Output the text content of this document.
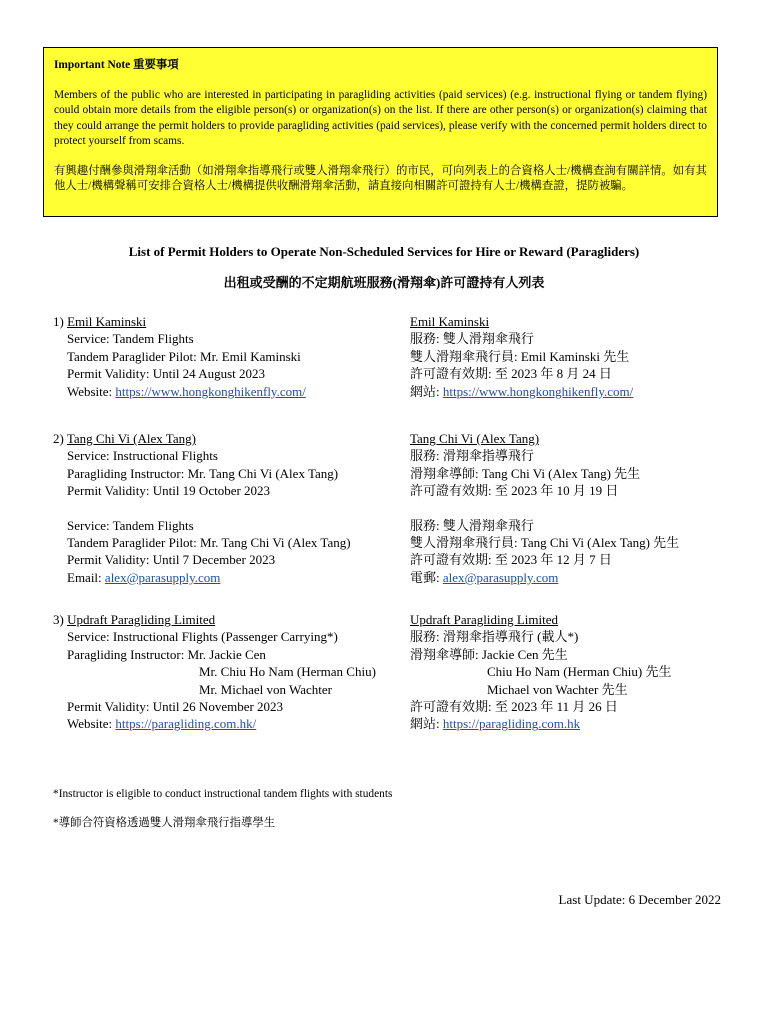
Important Note 重要事項

Members of the public who are interested in participating in paragliding activities (paid services) (e.g. instructional flying or tandem flying) could obtain more details from the eligible person(s) or organization(s) on the list. If there are other person(s) or organization(s) claiming that they could arrange the permit holders to provide paragliding activities (paid services), please verify with the concerned permit holders direct to protect yourself from scams.

有興趣付酬參與滑翔傘活動（如滑翔傘指導飛行或雙人滑翔傘飛行）的市民，可向列表上的合資格人士/機構查詢有關詳情。如有其他人士/機構聲稱可安排合資格人士/機構提供收酬滑翔傘活動，請直接向相關許可證持有人士/機構查證，提防被騙。

List of Permit Holders to Operate Non-Scheduled Services for Hire or Reward (Paragliders)
出租或受酬的不定期航班服務(滑翔傘)許可證持有人列表
1) Emil Kaminski
Service: Tandem Flights
Tandem Paraglider Pilot: Mr. Emil Kaminski
Permit Validity: Until 24 August 2023
Website: https://www.hongkonghikenfly.com/
Emil Kaminski
服務: 雙人滑翔傘飛行
雙人滑翔傘飛行員: Emil Kaminski 先生
許可證有效期: 至 2023 年 8 月 24 日
網站: https://www.hongkonghikenfly.com/
2) Tang Chi Vi (Alex Tang)
Service: Instructional Flights
Paragliding Instructor: Mr. Tang Chi Vi (Alex Tang)
Permit Validity: Until 19 October 2023
Service: Tandem Flights
Tandem Paraglider Pilot: Mr. Tang Chi Vi (Alex Tang)
Permit Validity: Until 7 December 2023
Email: alex@parasupply.com
Tang Chi Vi (Alex Tang)
服務: 滑翔傘指導飛行
滑翔傘導師: Tang Chi Vi (Alex Tang) 先生
許可證有效期: 至 2023 年 10 月 19 日
服務: 雙人滑翔傘飛行
雙人滑翔傘飛行員: Tang Chi Vi (Alex Tang) 先生
許可證有效期: 至 2023 年 12 月 7 日
電郵: alex@parasupply.com
3) Updraft Paragliding Limited
Service: Instructional Flights (Passenger Carrying*)
Paragliding Instructor: Mr. Jackie Cen
Mr. Chiu Ho Nam (Herman Chiu)
Mr. Michael von Wachter
Permit Validity: Until 26 November 2023
Website: https://paragliding.com.hk/
Updraft Paragliding Limited
服務: 滑翔傘指導飛行 (載人*)
滑翔傘導師: Jackie Cen 先生
Chiu Ho Nam (Herman Chiu) 先生
Michael von Wachter 先生
許可證有效期: 至 2023 年 11 月 26 日
網站: https://paragliding.com.hk
*Instructor is eligible to conduct instructional tandem flights with students
*導師合符資格透過雙人滑翔傘飛行指導學生
Last Update: 6 December 2022
